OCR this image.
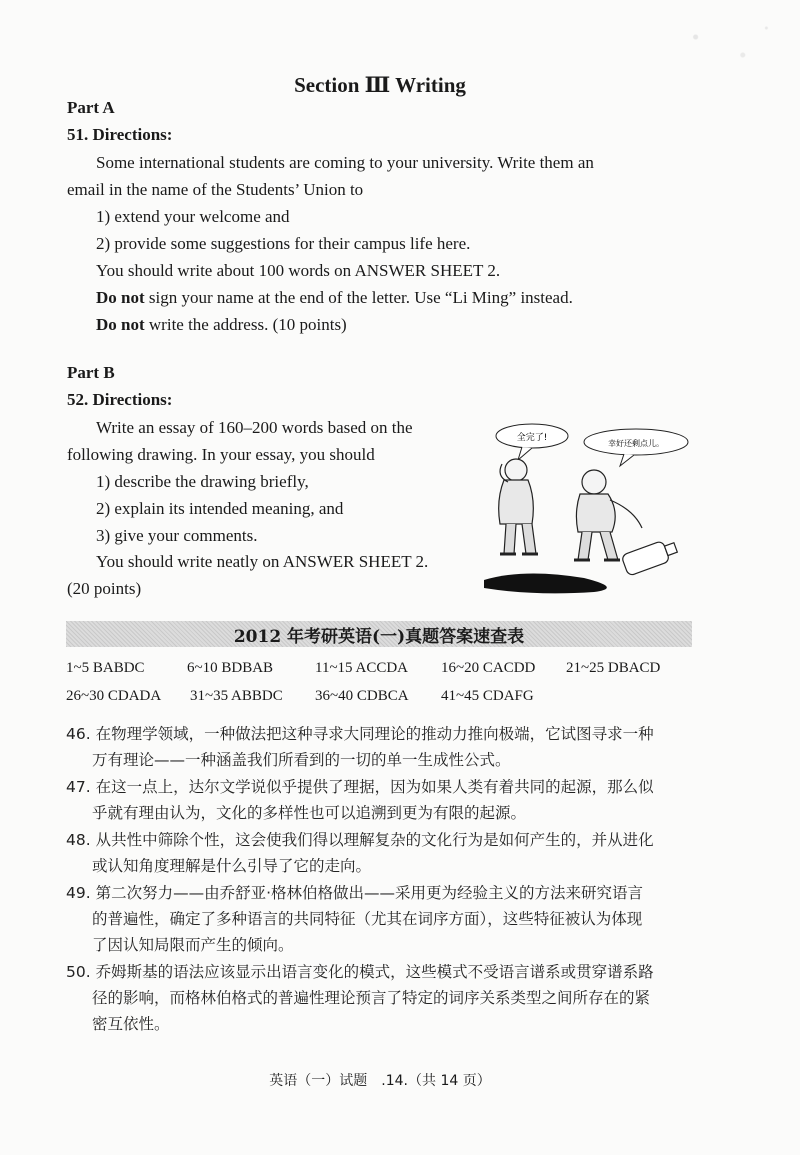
Section Ⅲ Writing
Part A
51. Directions:
Some international students are coming to your university. Write them an
email in the name of the Students’ Union to
1) extend your welcome and
2) provide some suggestions for their campus life here.
You should write about 100 words on ANSWER SHEET 2.
Do not sign your name at the end of the letter. Use “Li Ming” instead.
Do not write the address. (10 points)
Part B
52. Directions:
Write an essay of 160–200 words based on the
following drawing. In your essay, you should
1) describe the drawing briefly,
2) explain its intended meaning, and
3) give your comments.
You should write neatly on ANSWER SHEET 2.
(20 points)
全完了!
幸好还剩点儿。
2012 年考研英语(一)真题答案速查表
1~5 BABDC	6~10 BDBAB	11~15 ACCDA 16~20 CACDD 21~25 DBACD
26~30 CDADA 31~35 ABBDC 36~40 CDBCA 41~45 CDAFG
46. 在物理学领域，一种做法把这种寻求大同理论的推动力推向极端，它试图寻求一种
万有理论——一种涵盖我们所看到的一切的单一生成性公式。
47. 在这一点上，达尔文学说似乎提供了理据，因为如果人类有着共同的起源，那么似
乎就有理由认为，文化的多样性也可以追溯到更为有限的起源。
48. 从共性中筛除个性，这会使我们得以理解复杂的文化行为是如何产生的，并从进化
或认知角度理解是什么引导了它的走向。
49. 第二次努力——由乔舒亚·格林伯格做出——采用更为经验主义的方法来研究语言
的普遍性，确定了多种语言的共同特征（尤其在词序方面），这些特征被认为体现
了因认知局限而产生的倾向。
50. 乔姆斯基的语法应该显示出语言变化的模式，这些模式不受语言谱系或贯穿谱系路
径的影响，而格林伯格式的普遍性理论预言了特定的词序关系类型之间所存在的紧
密互依性。
英语（一）试题　.14.（共 14 页）
